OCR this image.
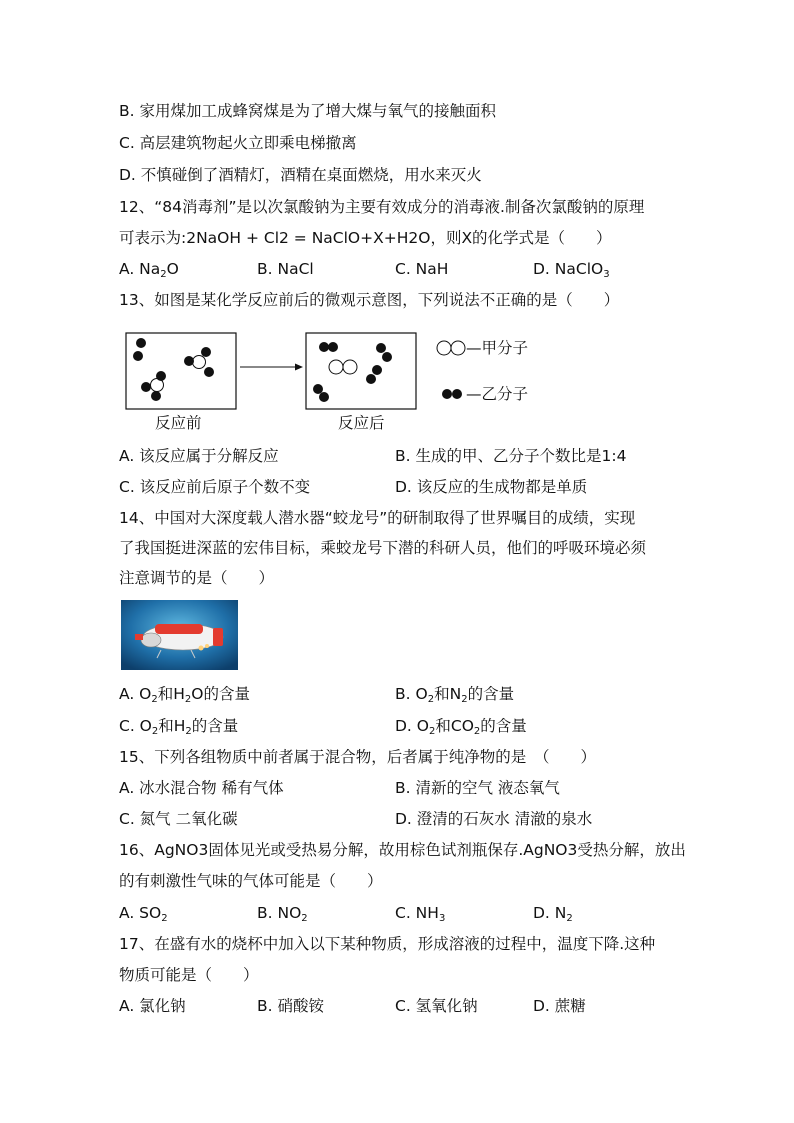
B. 家用煤加工成蜂窝煤是为了增大煤与氧气的接触面积
C. 高层建筑物起火立即乘电梯撤离
D. 不慎碰倒了酒精灯，酒精在桌面燃烧，用水来灭火
12、“84消毒剂”是以次氯酸钠为主要有效成分的消毒液.制备次氯酸钠的原理
可表示为:2NaOH + Cl2 = NaClO+X+H2O，则X的化学式是（　　）
A. $Na_2O$	B. NaCl	C. NaH	D. NaClO$_3$
13、如图是某化学反应前后的微观示意图，下列说法不正确的是（　　）
—甲分子
—乙分子
反应前	反应后
A. 该反应属于分解反应	B. 生成的甲、乙分子个数比是1:4
C. 该反应前后原子个数不变	D. 该反应的生成物都是单质
14、中国对大深度载人潜水器“蛟龙号”的研制取得了世界嘱目的成绩，实现
了我国挺进深蓝的宏伟目标，乘蛟龙号下潜的科研人员，他们的呼吸环境必须
注意调节的是（　　）
A. $O_2$和$H_2O$的含量	B. $O_2$和$N_2$的含量
C. $O_2$和$H_2$的含量	D. $O_2$和$CO_2$的含量
15、下列各组物质中前者属于混合物，后者属于纯净物的是　（　　）
A. 冰水混合物 稀有气体	B. 清新的空气 液态氧气
C. 氮气 二氧化碳	D. 澄清的石灰水 清澈的泉水
16、AgNO3固体见光或受热易分解，故用棕色试剂瓶保存.AgNO3受热分解，放出
的有刺激性气味的气体可能是（　　）
A. $SO_2$	B. $NO_2$	C. $NH_3$	D. $N_2$
17、在盛有水的烧杯中加入以下某种物质，形成溶液的过程中，温度下降.这种
物质可能是（　　）
A. 氯化钠	B. 硝酸铵	C. 氢氧化钠	D. 蔗糖
